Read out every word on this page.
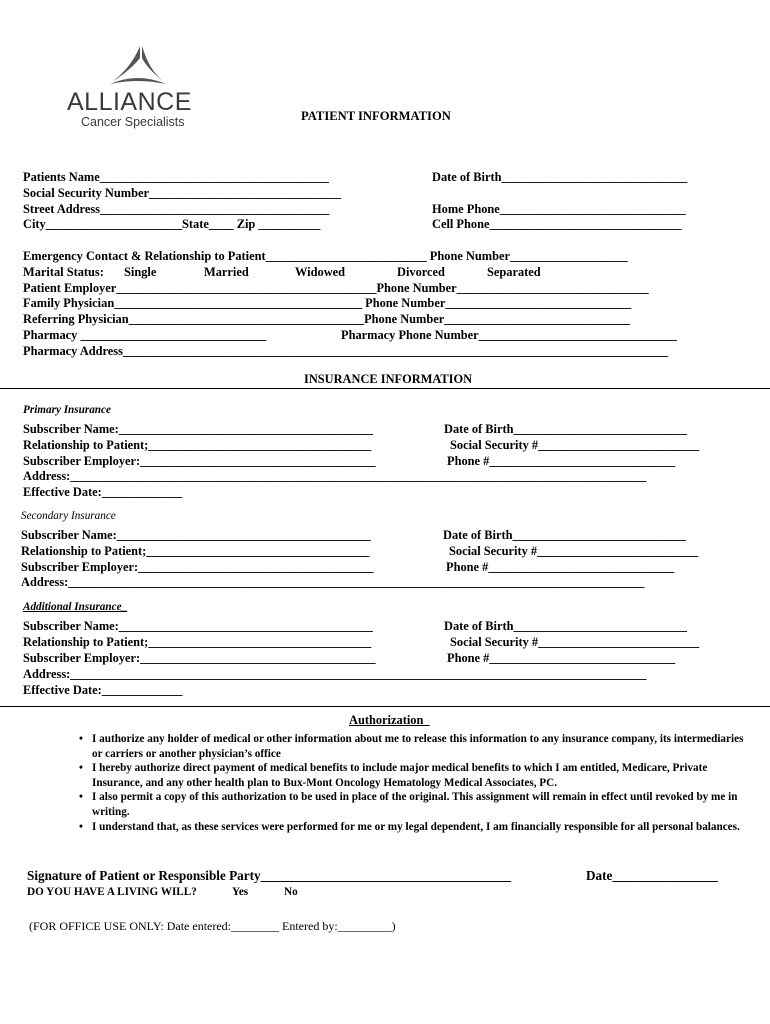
ALLIANCE
Cancer Specialists	PATIENT INFORMATION
Patients Name_____________________________________	Date of Birth______________________________
Social Security Number_______________________________
Street Address_____________________________________	Home Phone______________________________
City______________________State____ Zip __________	Cell Phone_______________________________
Emergency Contact & Relationship to Patient__________________________ Phone Number___________________
Marital Status: Single	Married	Widowed	Divorced	Separated
Patient Employer__________________________________________Phone Number_______________________________
Family Physician________________________________________ Phone Number______________________________
Referring Physician______________________________________Phone Number______________________________
Pharmacy ______________________________	Pharmacy Phone Number________________________________
Pharmacy Address________________________________________________________________________________________
INSURANCE INFORMATION
Primary Insurance
Subscriber Name:_________________________________________	Date of Birth____________________________
Relationship to Patient;____________________________________	Social Security #__________________________
Subscriber Employer:______________________________________	Phone #______________________________
Address:_____________________________________________________________________________________________
Effective Date:_____________
Secondary Insurance
Subscriber Name:_________________________________________	Date of Birth____________________________
Relationship to Patient;____________________________________	Social Security #__________________________
Subscriber Employer:______________________________________	Phone #______________________________
Address:_____________________________________________________________________________________________
Additional Insurance_
Subscriber Name:_________________________________________	Date of Birth____________________________
Relationship to Patient;____________________________________	Social Security #__________________________
Subscriber Employer:______________________________________	Phone #______________________________
Address:_____________________________________________________________________________________________
Effective Date:_____________
Authorization_
• I authorize any holder of medical or other information about me to release this information to any insurance company, its intermediaries or carriers or another physician’s office
• I hereby authorize direct payment of medical benefits to include major medical benefits to which I am entitled, Medicare, Private Insurance, and any other health plan to Bux-Mont Oncology Hematology Medical Associates, PC.
• I also permit a copy of this authorization to be used in place of the original. This assignment will remain in effect until revoked by me in writing.
• I understand that, as these services were performed for me or my legal dependent, I am financially responsible for all personal balances.
Signature of Patient or Responsible Party______________________________________	Date________________
DO YOU HAVE A LIVING WILL?	Yes	No
(FOR OFFICE USE ONLY: Date entered:________ Entered by:_________)
